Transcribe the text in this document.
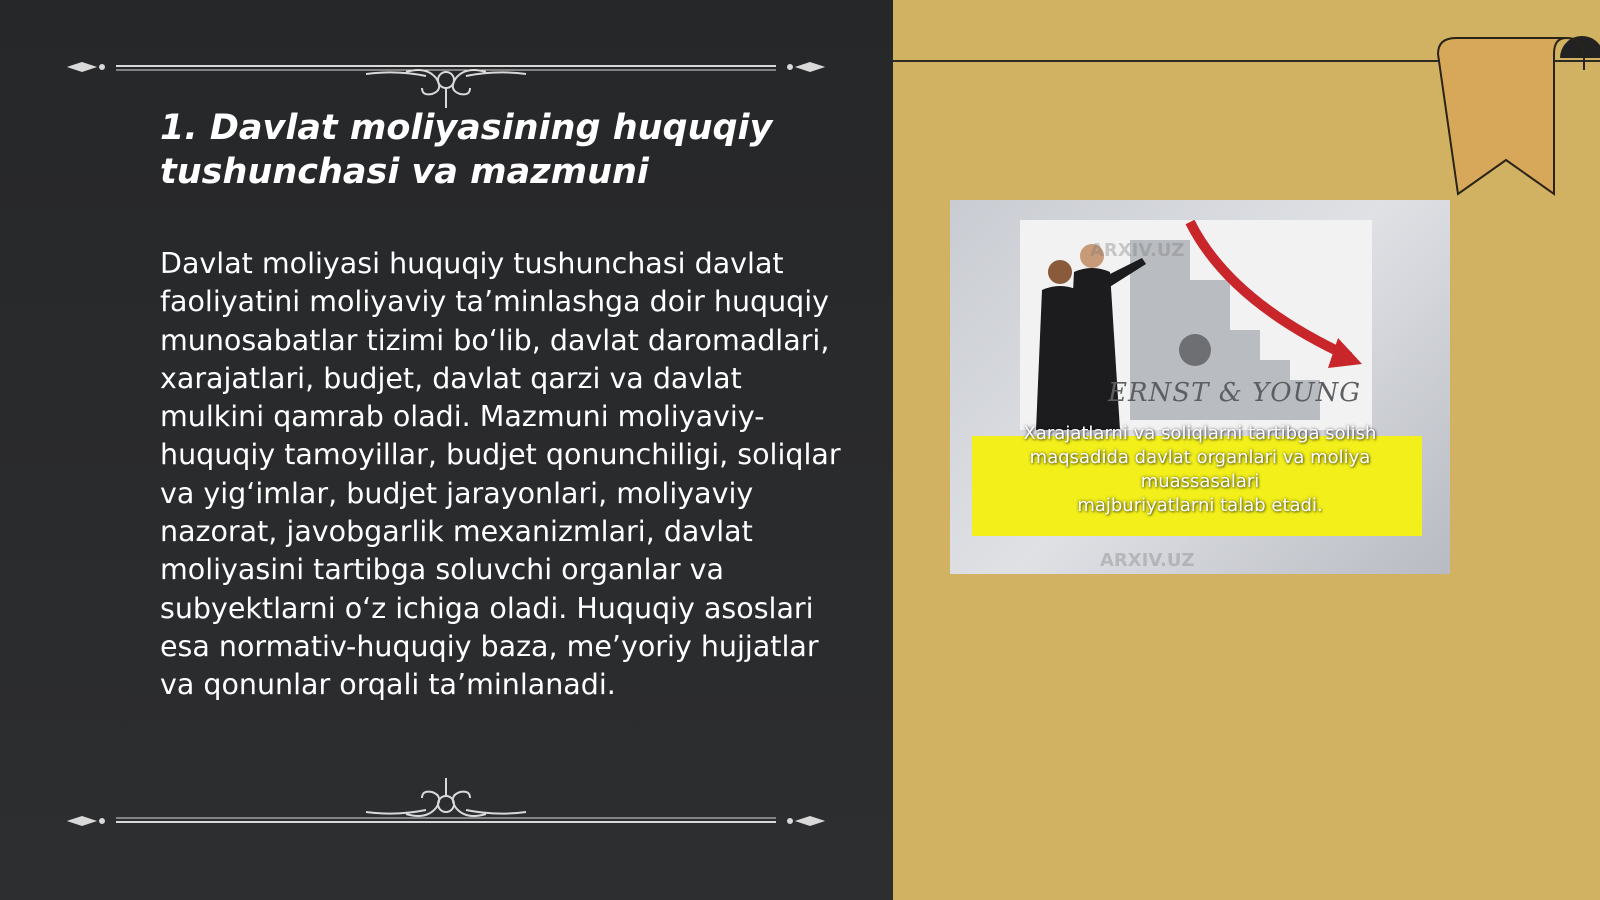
1. Davlat moliyasining huquqiy tushunchasi va mazmuni

Davlat moliyasi huquqiy tushunchasi davlat faoliyatini moliyaviy ta’minlashga doir huquqiy munosabatlar tizimi bo‘lib, davlat daromadlari, xarajatlari, budjet, davlat qarzi va davlat mulkini qamrab oladi. Mazmuni moliyaviy-huquqiy tamoyillar, budjet qonunchiligi, soliqlar va yig‘imlar, budjet jarayonlari, moliyaviy nazorat, javobgarlik mexanizmlari, davlat moliyasini tartibga soluvchi organlar va subyektlarni o‘z ichiga oladi. Huquqiy asoslari esa normativ-huquqiy baza, me’yoriy hujjatlar va qonunlar orqali ta’minlanadi.

ERNST & YOUNG
ARXIV.UZ
ARXIV.UZ
Xarajatlarni va soliqlarni tartibga solish
maqsadida davlat organlari va moliya muassasalari
majburiyatlarni talab etadi.
